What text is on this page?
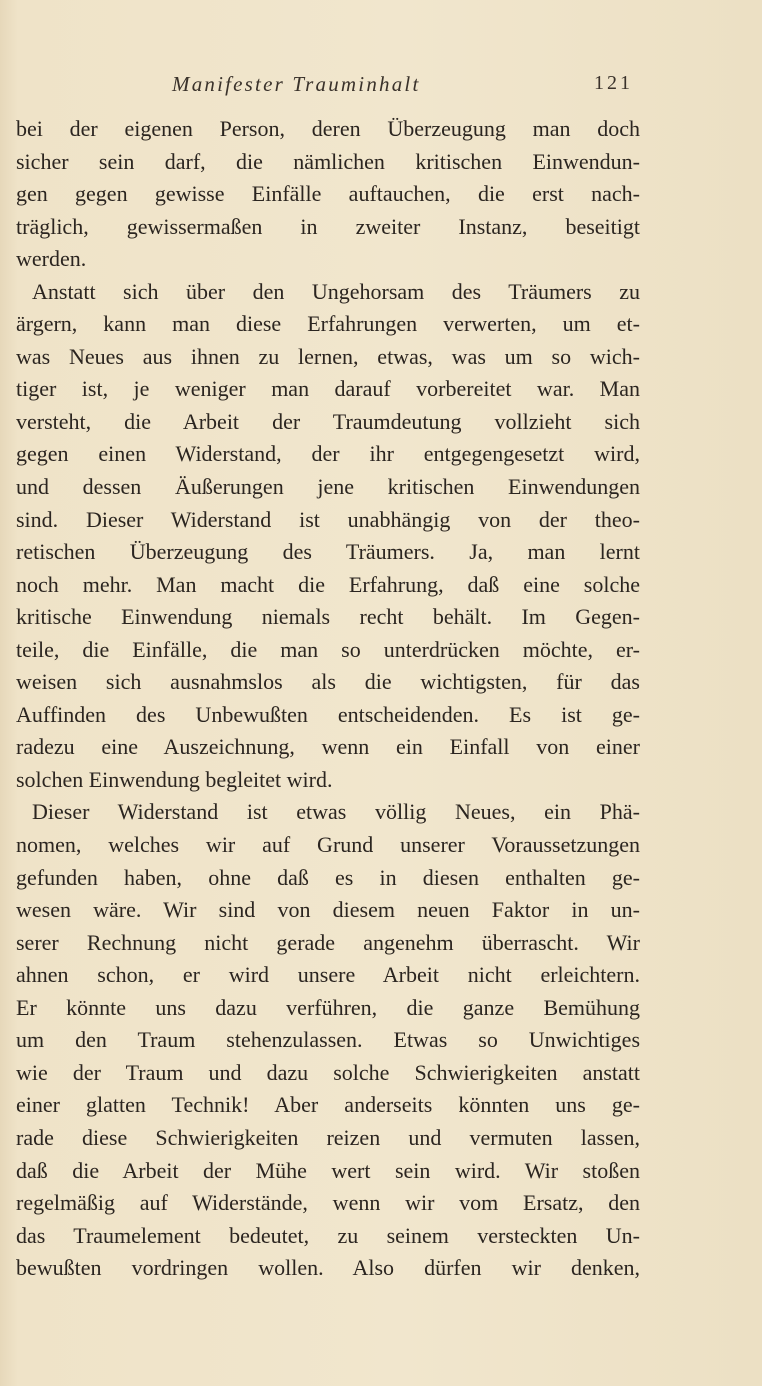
Manifester Trauminhalt	121
bei der eigenen Person, deren Überzeugung man doch
sicher sein darf, die nämlichen kritischen Einwendun-
gen gegen gewisse Einfälle auftauchen, die erst nach-
träglich, gewissermaßen in zweiter Instanz, beseitigt
werden.
Anstatt sich über den Ungehorsam des Träumers zu
ärgern, kann man diese Erfahrungen verwerten, um et-
was Neues aus ihnen zu lernen, etwas, was um so wich-
tiger ist, je weniger man darauf vorbereitet war. Man
versteht, die Arbeit der Traumdeutung vollzieht sich
gegen einen Widerstand, der ihr entgegengesetzt wird,
und dessen Äußerungen jene kritischen Einwendungen
sind. Dieser Widerstand ist unabhängig von der theo-
retischen Überzeugung des Träumers. Ja, man lernt
noch mehr. Man macht die Erfahrung, daß eine solche
kritische Einwendung niemals recht behält. Im Gegen-
teile, die Einfälle, die man so unterdrücken möchte, er-
weisen sich ausnahmslos als die wichtigsten, für das
Auffinden des Unbewußten entscheidenden. Es ist ge-
radezu eine Auszeichnung, wenn ein Einfall von einer
solchen Einwendung begleitet wird.
Dieser Widerstand ist etwas völlig Neues, ein Phä-
nomen, welches wir auf Grund unserer Voraussetzungen
gefunden haben, ohne daß es in diesen enthalten ge-
wesen wäre. Wir sind von diesem neuen Faktor in un-
serer Rechnung nicht gerade angenehm überrascht. Wir
ahnen schon, er wird unsere Arbeit nicht erleichtern.
Er könnte uns dazu verführen, die ganze Bemühung
um den Traum stehenzulassen. Etwas so Unwichtiges
wie der Traum und dazu solche Schwierigkeiten anstatt
einer glatten Technik! Aber anderseits könnten uns ge-
rade diese Schwierigkeiten reizen und vermuten lassen,
daß die Arbeit der Mühe wert sein wird. Wir stoßen
regelmäßig auf Widerstände, wenn wir vom Ersatz, den
das Traumelement bedeutet, zu seinem versteckten Un-
bewußten vordringen wollen. Also dürfen wir denken,
